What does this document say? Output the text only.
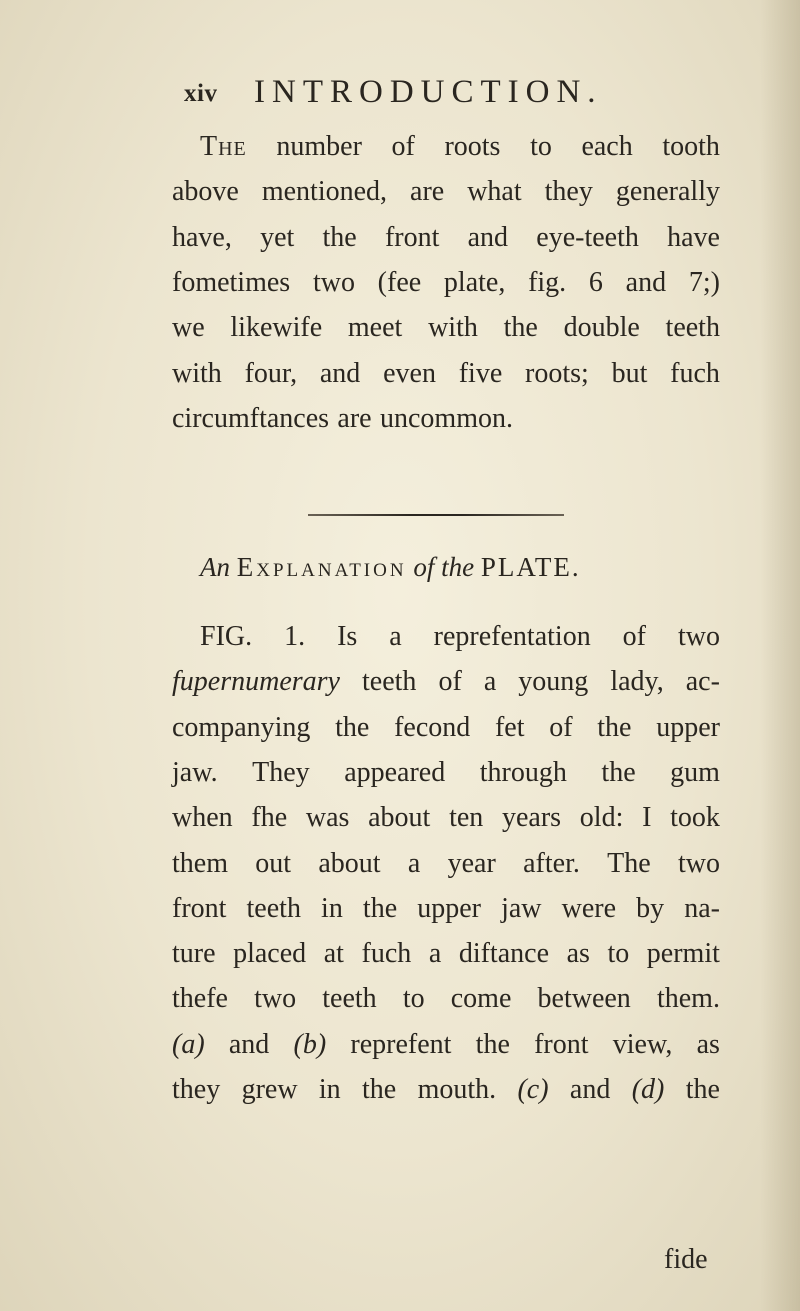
xiv INTRODUCTION.
The number of roots to each tooth
above mentioned, are what they generally
have, yet the front and eye-teeth have
fometimes two (fee plate, fig. 6 and 7;)
we likewife meet with the double teeth
with four, and even five roots; but fuch
circumftances are uncommon.
An Explanation of the PLATE.
FIG. 1. Is a reprefentation of two
fupernumerary teeth of a young lady, ac-
companying the fecond fet of the upper
jaw. They appeared through the gum
when fhe was about ten years old: I took
them out about a year after. The two
front teeth in the upper jaw were by na-
ture placed at fuch a diftance as to permit
thefe two teeth to come between them.
(a) and (b) reprefent the front view, as
they grew in the mouth. (c) and (d) the
fide
